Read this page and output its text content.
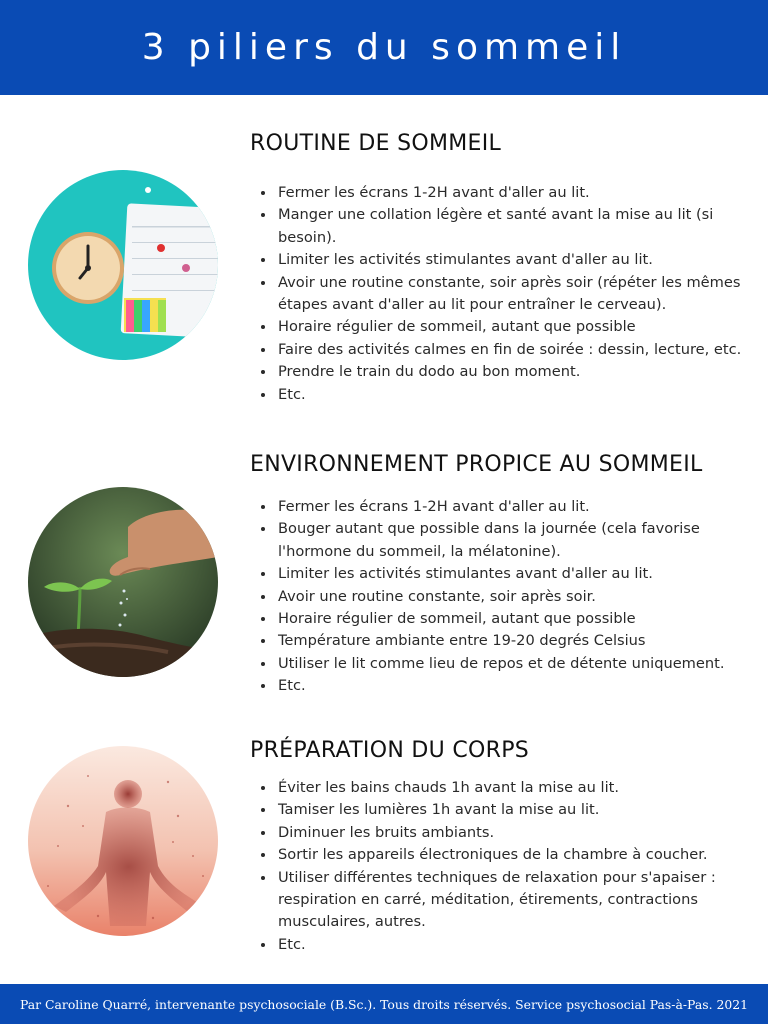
3 piliers du sommeil
ROUTINE DE SOMMEIL
• Fermer les écrans 1-2H avant d'aller au lit.
• Manger une collation légère et santé avant la mise au lit (si besoin).
• Limiter les activités stimulantes avant d'aller au lit.
• Avoir une routine constante, soir après soir (répéter les mêmes étapes avant d'aller au lit pour entraîner le cerveau).
• Horaire régulier de sommeil, autant que possible
• Faire des activités calmes en fin de soirée : dessin, lecture, etc.
• Prendre le train du dodo au bon moment.
• Etc.
ENVIRONNEMENT PROPICE AU SOMMEIL
• Fermer les écrans 1-2H avant d'aller au lit.
• Bouger autant que possible dans la journée (cela favorise l'hormone du sommeil, la mélatonine).
• Limiter les activités stimulantes avant d'aller au lit.
• Avoir une routine constante, soir après soir.
• Horaire régulier de sommeil, autant que possible
• Température ambiante entre 19-20 degrés Celsius
• Utiliser le lit comme lieu de repos et de détente uniquement.
• Etc.
PRÉPARATION DU CORPS
• Éviter les bains chauds 1h avant la mise au lit.
• Tamiser les lumières 1h avant la mise au lit.
• Diminuer les bruits ambiants.
• Sortir les appareils électroniques de la chambre à coucher.
• Utiliser différentes techniques de relaxation pour s'apaiser : respiration en carré, méditation, étirements, contractions musculaires, autres.
• Etc.
Par Caroline Quarré, intervenante psychosociale (B.Sc.). Tous droits réservés. Service psychosocial Pas-à-Pas. 2021
